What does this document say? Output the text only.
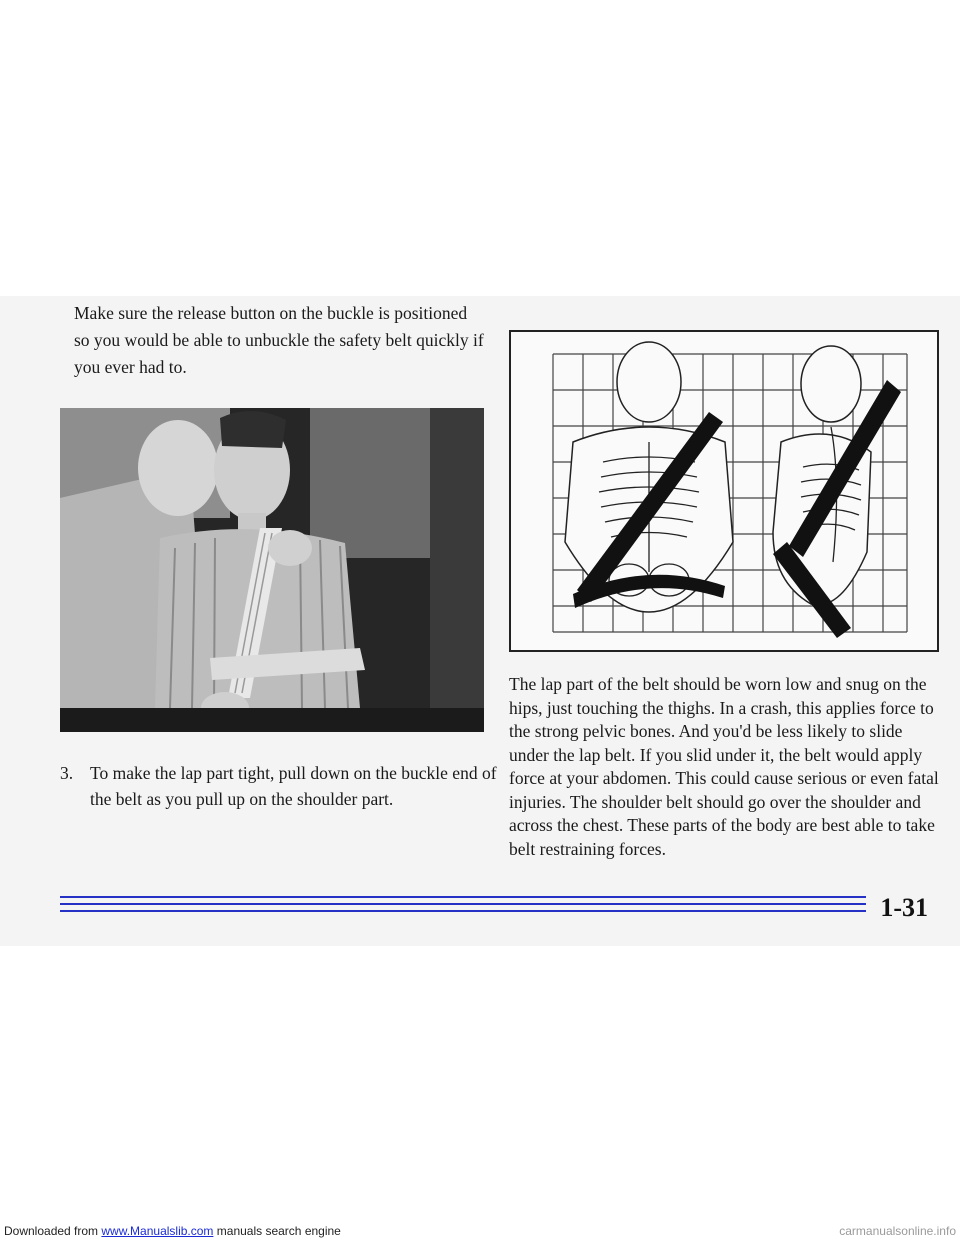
Make sure the release button on the buckle is positioned so you would be able to unbuckle the safety belt quickly if you ever had to.

3. To make the lap part tight, pull down on the buckle end of the belt as you pull up on the shoulder part.

The lap part of the belt should be worn low and snug on the hips, just touching the thighs. In a crash, this applies force to the strong pelvic bones. And you'd be less likely to slide under the lap belt. If you slid under it, the belt would apply force at your abdomen. This could cause serious or even fatal injuries. The shoulder belt should go over the shoulder and across the chest. These parts of the body are best able to take belt restraining forces.

1-31

Downloaded from www.Manualslib.com manuals search engine	carmanualsonline.info
